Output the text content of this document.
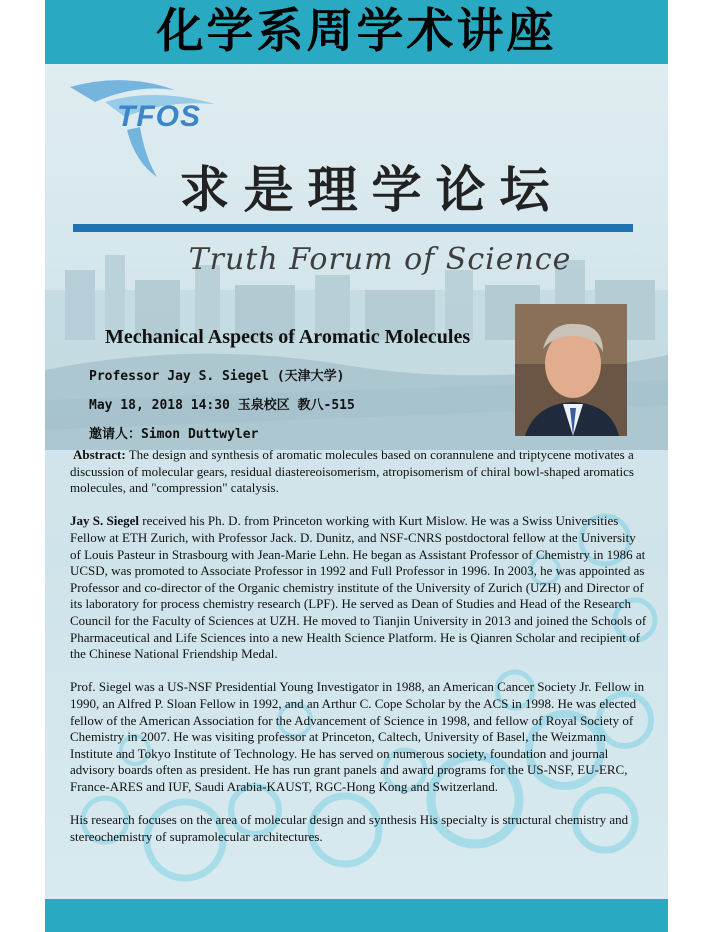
化学系周学术讲座
TFOS
求是理学论坛
Truth Forum of Science
Mechanical Aspects of Aromatic Molecules
Professor Jay S. Siegel (天津大学)
May 18, 2018 14:30 玉泉校区 教八-515
邀请人：Simon Duttwyler

Abstract: The design and synthesis of aromatic molecules based on corannulene and triptycene motivates a discussion of molecular gears, residual diastereoisomerism, atropisomerism of chiral bowl-shaped aromatics molecules, and "compression" catalysis.

Jay S. Siegel received his Ph. D. from Princeton working with Kurt Mislow. He was a Swiss Universities Fellow at ETH Zurich, with Professor Jack. D. Dunitz, and NSF-CNRS postdoctoral fellow at the University of Louis Pasteur in Strasbourg with Jean-Marie Lehn. He began as Assistant Professor of Chemistry in 1986 at UCSD, was promoted to Associate Professor in 1992 and Full Professor in 1996. In 2003, he was appointed as Professor and co-director of the Organic chemistry institute of the University of Zurich (UZH) and Director of its laboratory for process chemistry research (LPF). He served as Dean of Studies and Head of the Research Council for the Faculty of Sciences at UZH. He moved to Tianjin University in 2013 and joined the Schools of Pharmaceutical and Life Sciences into a new Health Science Platform. He is Qianren Scholar and recipient of the Chinese National Friendship Medal.

Prof. Siegel was a US-NSF Presidential Young Investigator in 1988, an American Cancer Society Jr. Fellow in 1990, an Alfred P. Sloan Fellow in 1992, and an Arthur C. Cope Scholar by the ACS in 1998. He was elected fellow of the American Association for the Advancement of Science in 1998, and fellow of Royal Society of Chemistry in 2007. He was visiting professor at Princeton, Caltech, University of Basel, the Weizmann Institute and Tokyo Institute of Technology. He has served on numerous society, foundation and journal advisory boards often as president. He has run grant panels and award programs for the US-NSF, EU-ERC, France-ARES and IUF, Saudi Arabia-KAUST, RGC-Hong Kong and Switzerland.

His research focuses on the area of molecular design and synthesis His specialty is structural chemistry and stereochemistry of supramolecular architectures.
